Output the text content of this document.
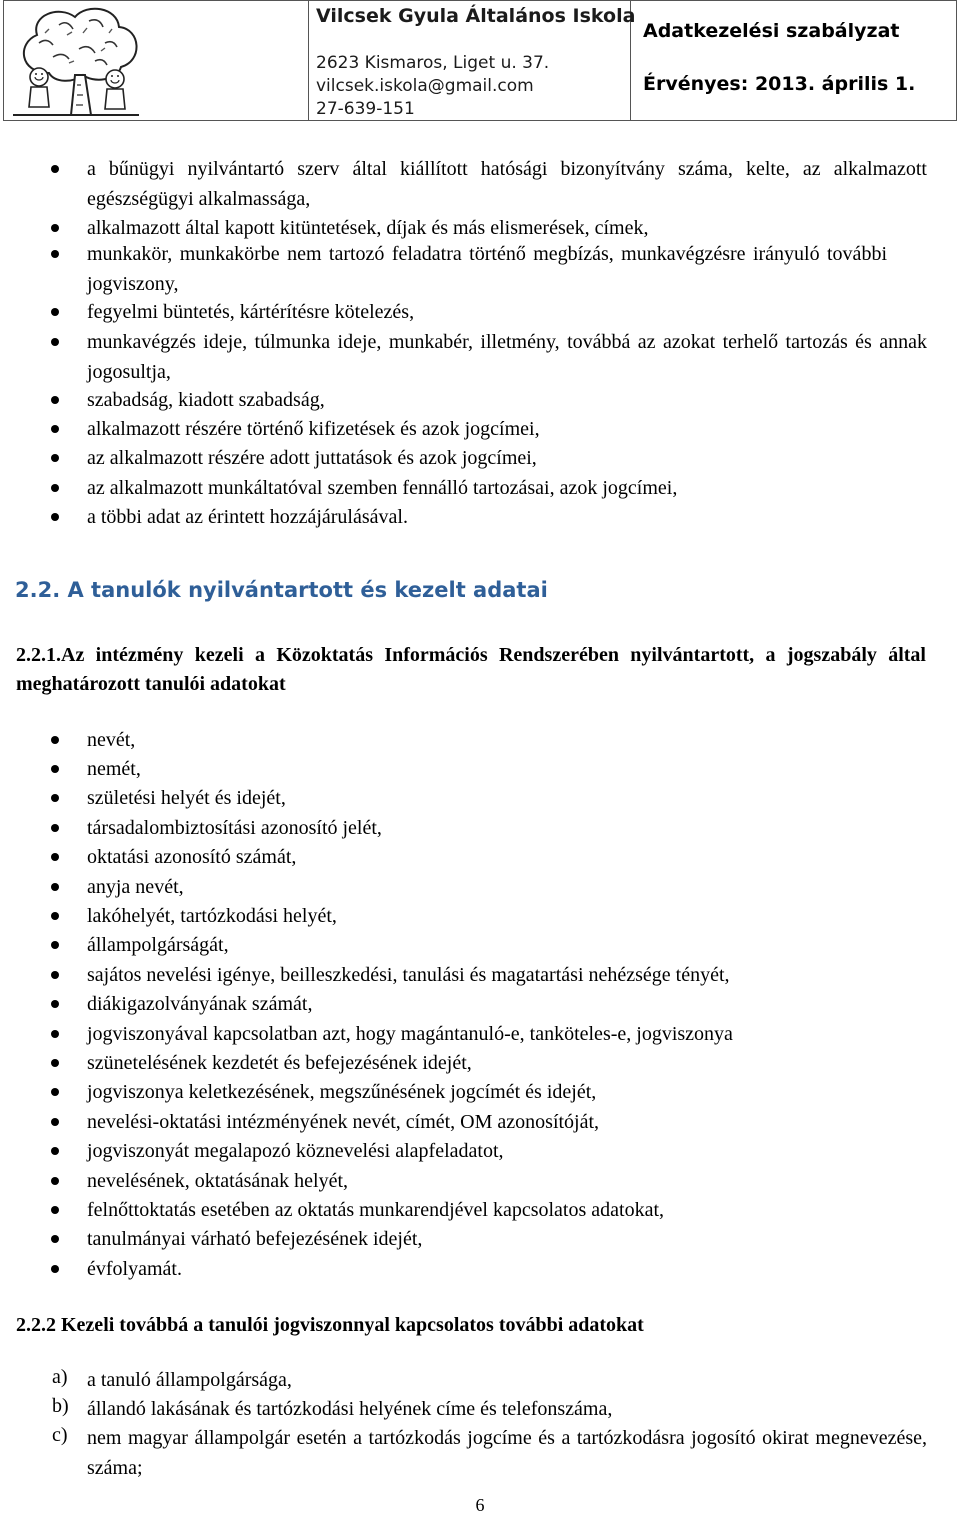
Vilcsek Gyula Általános Iskola
2623 Kismaros, Liget u. 37.
vilcsek.iskola@gmail.com
27-639-151
Adatkezelési szabályzat
Érvényes: 2013. április 1.
a bűnügyi nyilvántartó szerv által kiállított hatósági bizonyítvány száma, kelte, az alkalmazott egészségügyi alkalmassága,
alkalmazott által kapott kitüntetések, díjak és más elismerések, címek,
munkakör, munkakörbe nem tartozó feladatra történő megbízás, munkavégzésre irányuló további jogviszony,
fegyelmi büntetés, kártérítésre kötelezés,
munkavégzés ideje, túlmunka ideje, munkabér, illetmény, továbbá az azokat terhelő tartozás és annak jogosultja,
szabadság, kiadott szabadság,
alkalmazott részére történő kifizetések és azok jogcímei,
az alkalmazott részére adott juttatások és azok jogcímei,
az alkalmazott munkáltatóval szemben fennálló tartozásai, azok jogcímei,
a többi adat az érintett hozzájárulásával.
2.2. A tanulók nyilvántartott és kezelt adatai
2.2.1.Az intézmény kezeli a Közoktatás Információs Rendszerében nyilvántartott, a jogszabály által meghatározott tanulói adatokat
nevét,
nemét,
születési helyét és idejét,
társadalombiztosítási azonosító jelét,
oktatási azonosító számát,
anyja nevét,
lakóhelyét, tartózkodási helyét,
állampolgárságát,
sajátos nevelési igénye, beilleszkedési, tanulási és magatartási nehézsége tényét,
diákigazolványának számát,
jogviszonyával kapcsolatban azt, hogy magántanuló-e, tanköteles-e, jogviszonya
szünetelésének kezdetét és befejezésének idejét,
jogviszonya keletkezésének, megszűnésének jogcímét és idejét,
nevelési-oktatási intézményének nevét, címét, OM azonosítóját,
jogviszonyát megalapozó köznevelési alapfeladatot,
nevelésének, oktatásának helyét,
felnőttoktatás esetében az oktatás munkarendjével kapcsolatos adatokat,
tanulmányai várható befejezésének idejét,
évfolyamát.
2.2.2 Kezeli továbbá a tanulói jogviszonnyal kapcsolatos további adatokat
a) a tanuló állampolgársága,
b) állandó lakásának és tartózkodási helyének címe és telefonszáma,
c) nem magyar állampolgár esetén a tartózkodás jogcíme és a tartózkodásra jogosító okirat megnevezése, száma;
6
